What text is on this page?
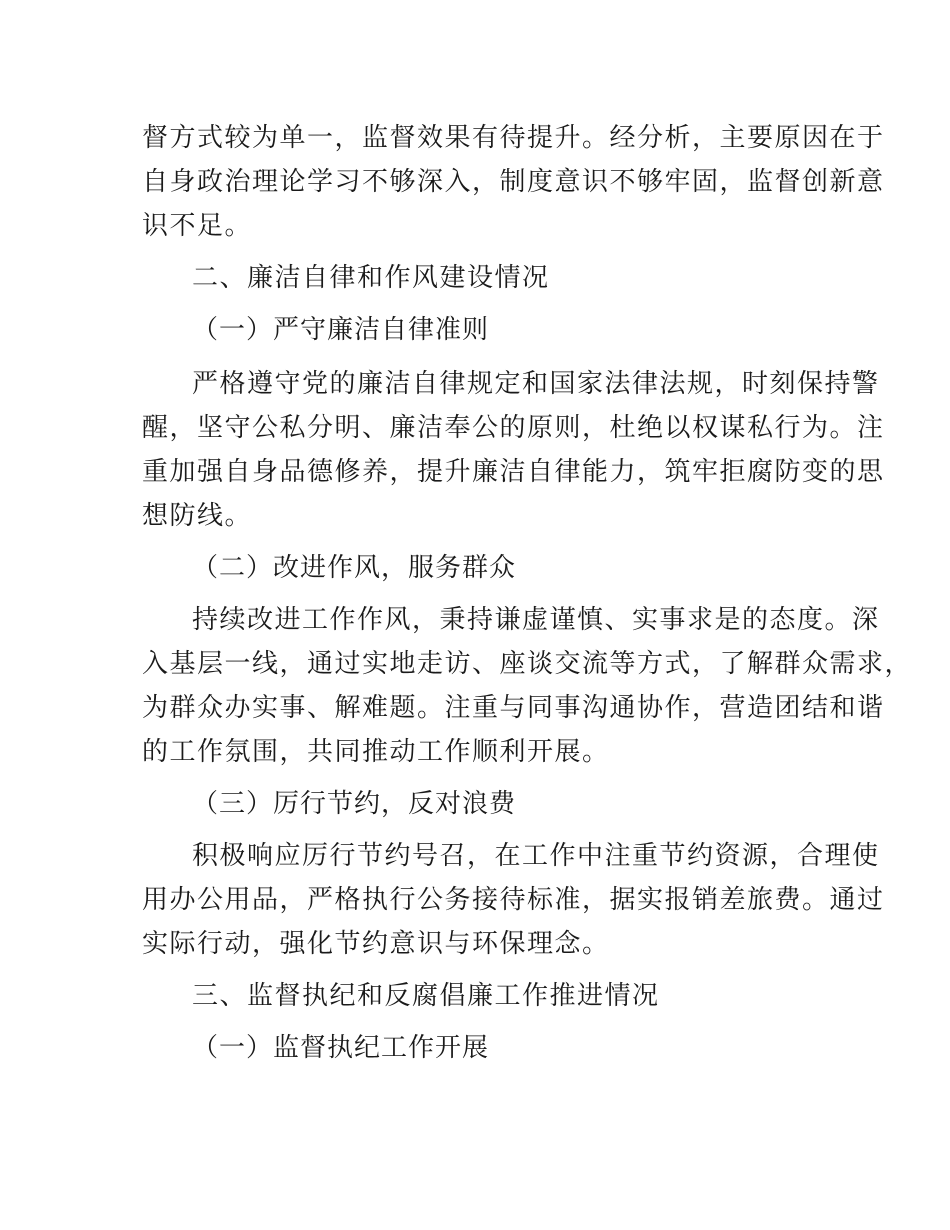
督方式较为单一，监督效果有待提升。经分析，主要原因在于
自身政治理论学习不够深入，制度意识不够牢固，监督创新意
识不足。
二、廉洁自律和作风建设情况
（一）严守廉洁自律准则
严格遵守党的廉洁自律规定和国家法律法规，时刻保持警
醒，坚守公私分明、廉洁奉公的原则，杜绝以权谋私行为。注
重加强自身品德修养，提升廉洁自律能力，筑牢拒腐防变的思
想防线。
（二）改进作风，服务群众
持续改进工作作风，秉持谦虚谨慎、实事求是的态度。深
入基层一线，通过实地走访、座谈交流等方式，了解群众需求，
为群众办实事、解难题。注重与同事沟通协作，营造团结和谐
的工作氛围，共同推动工作顺利开展。
（三）厉行节约，反对浪费
积极响应厉行节约号召，在工作中注重节约资源，合理使
用办公用品，严格执行公务接待标准，据实报销差旅费。通过
实际行动，强化节约意识与环保理念。
三、监督执纪和反腐倡廉工作推进情况
（一）监督执纪工作开展
